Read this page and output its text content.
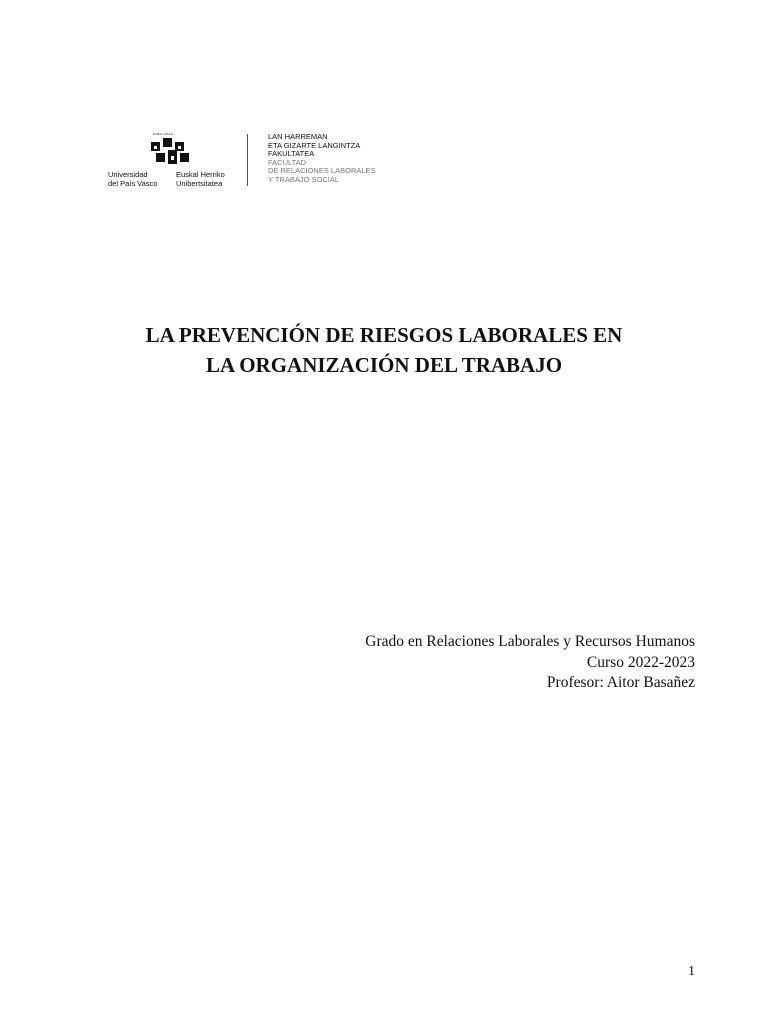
ZABAL ZAZU
Universidad
del País Vasco
Euskal Herriko
Unibertsitatea
LAN HARREMAN
ETA GIZARTE LANGINTZA
FAKULTATEA
FACULTAD
DE RELACIONES LABORALES
Y TRABAJO SOCIAL
LA PREVENCIÓN DE RIESGOS LABORALES EN
LA ORGANIZACIÓN DEL TRABAJO
Grado en Relaciones Laborales y Recursos Humanos
Curso 2022-2023
Profesor: Aitor Basañez
1
